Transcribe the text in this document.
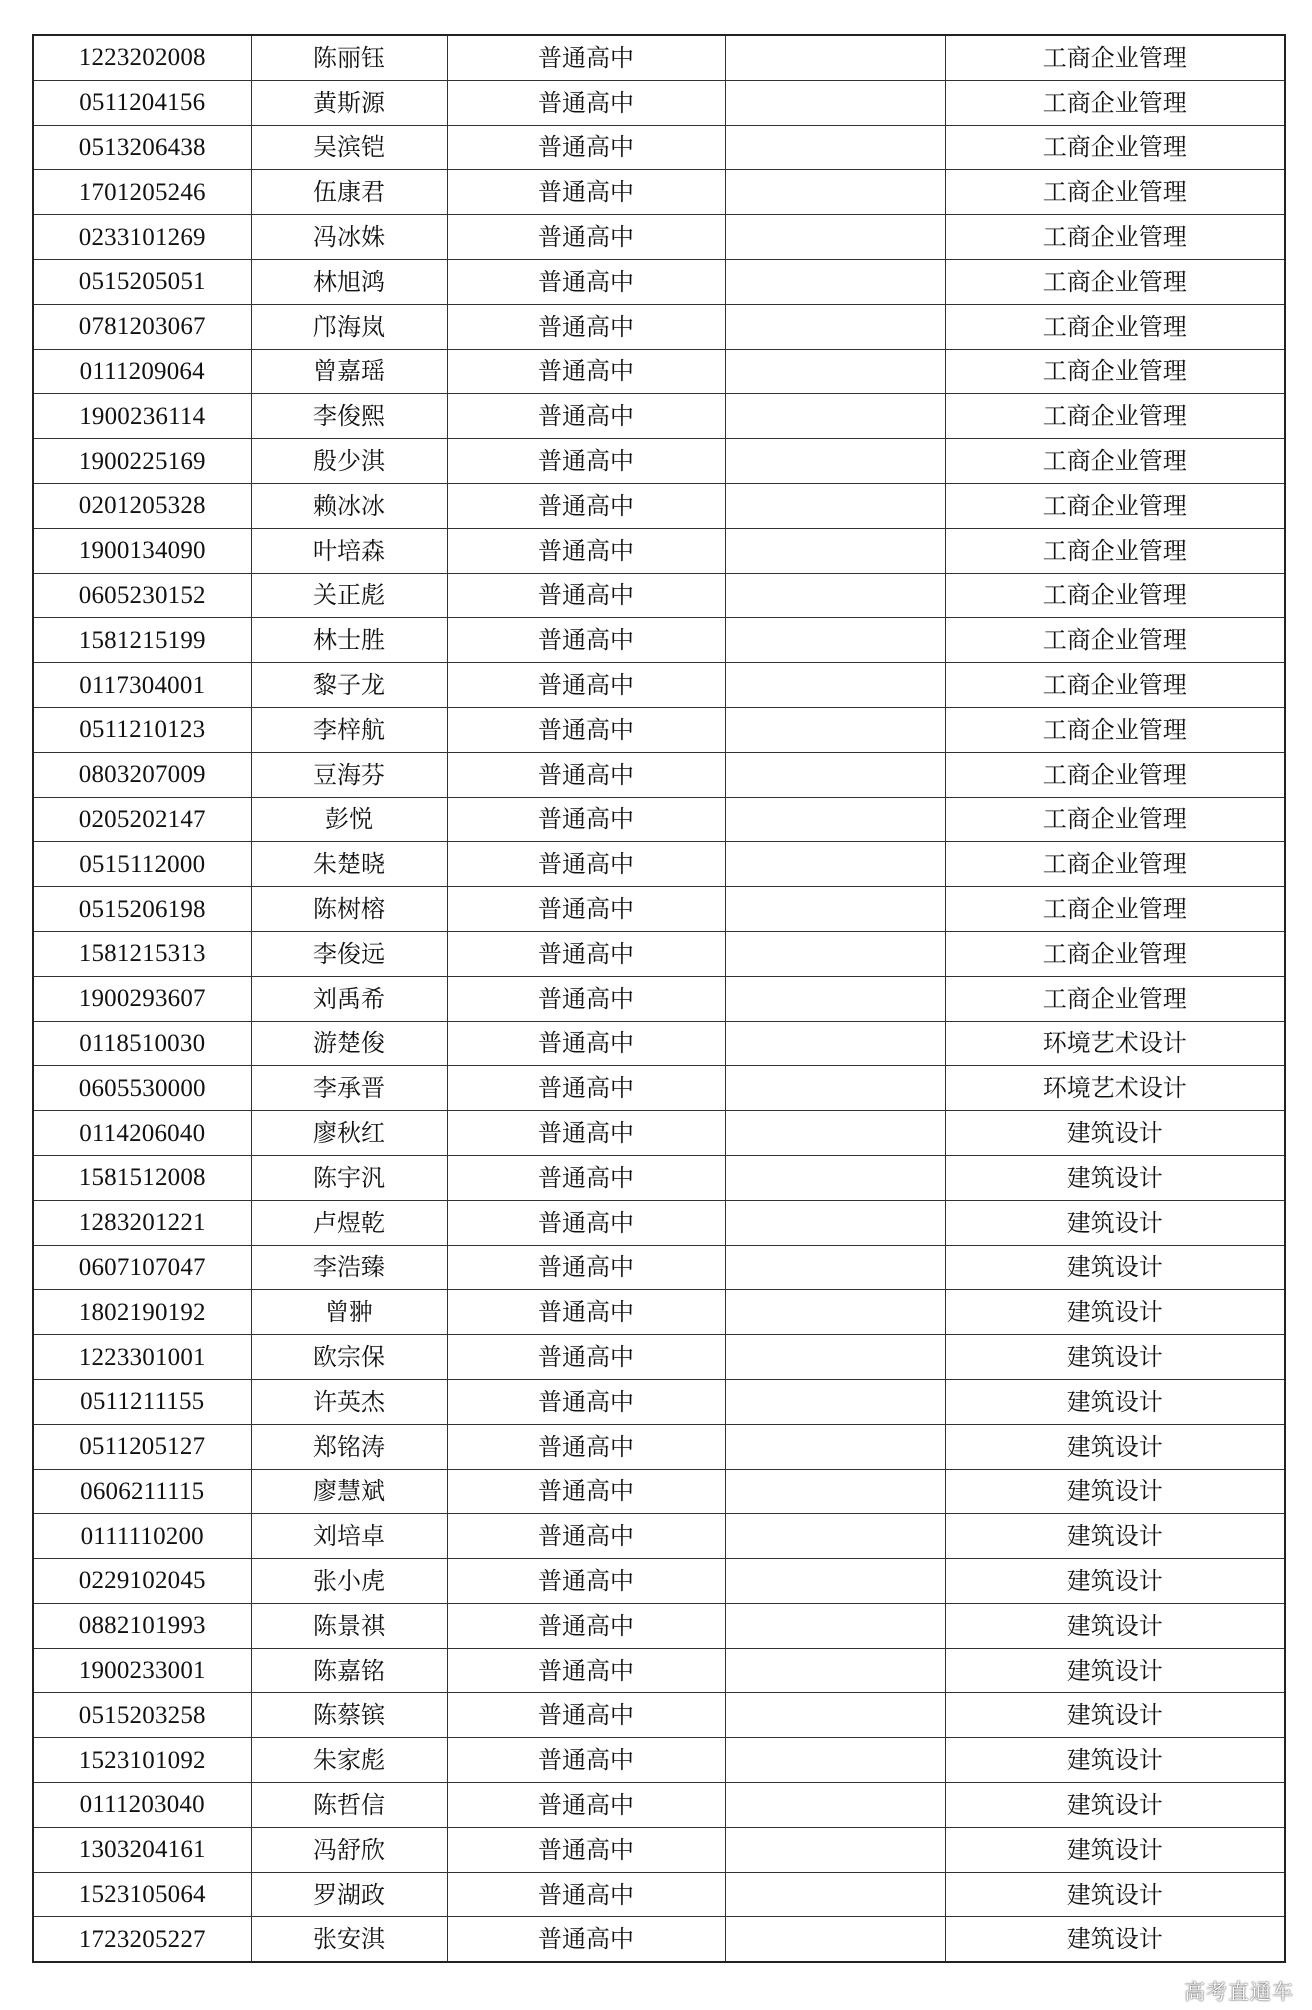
1223202008	陈丽钰	普通高中		工商企业管理
0511204156	黄斯源	普通高中		工商企业管理
0513206438	吴滨铠	普通高中		工商企业管理
1701205246	伍康君	普通高中		工商企业管理
0233101269	冯冰姝	普通高中		工商企业管理
0515205051	林旭鸿	普通高中		工商企业管理
0781203067	邝海岚	普通高中		工商企业管理
0111209064	曾嘉瑶	普通高中		工商企业管理
1900236114	李俊熙	普通高中		工商企业管理
1900225169	殷少淇	普通高中		工商企业管理
0201205328	赖冰冰	普通高中		工商企业管理
1900134090	叶培森	普通高中		工商企业管理
0605230152	关正彪	普通高中		工商企业管理
1581215199	林士胜	普通高中		工商企业管理
0117304001	黎子龙	普通高中		工商企业管理
0511210123	李梓航	普通高中		工商企业管理
0803207009	豆海芬	普通高中		工商企业管理
0205202147	彭悦	普通高中		工商企业管理
0515112000	朱楚晓	普通高中		工商企业管理
0515206198	陈树榕	普通高中		工商企业管理
1581215313	李俊远	普通高中		工商企业管理
1900293607	刘禹希	普通高中		工商企业管理
0118510030	游楚俊	普通高中		环境艺术设计
0605530000	李承晋	普通高中		环境艺术设计
0114206040	廖秋红	普通高中		建筑设计
1581512008	陈宇汎	普通高中		建筑设计
1283201221	卢煜乾	普通高中		建筑设计
0607107047	李浩臻	普通高中		建筑设计
1802190192	曾翀	普通高中		建筑设计
1223301001	欧宗保	普通高中		建筑设计
0511211155	许英杰	普通高中		建筑设计
0511205127	郑铭涛	普通高中		建筑设计
0606211115	廖慧斌	普通高中		建筑设计
0111110200	刘培卓	普通高中		建筑设计
0229102045	张小虎	普通高中		建筑设计
0882101993	陈景祺	普通高中		建筑设计
1900233001	陈嘉铭	普通高中		建筑设计
0515203258	陈蔡镔	普通高中		建筑设计
1523101092	朱家彪	普通高中		建筑设计
0111203040	陈哲信	普通高中		建筑设计
1303204161	冯舒欣	普通高中		建筑设计
1523105064	罗湖政	普通高中		建筑设计
1723205227	张安淇	普通高中		建筑设计
高考直通车
